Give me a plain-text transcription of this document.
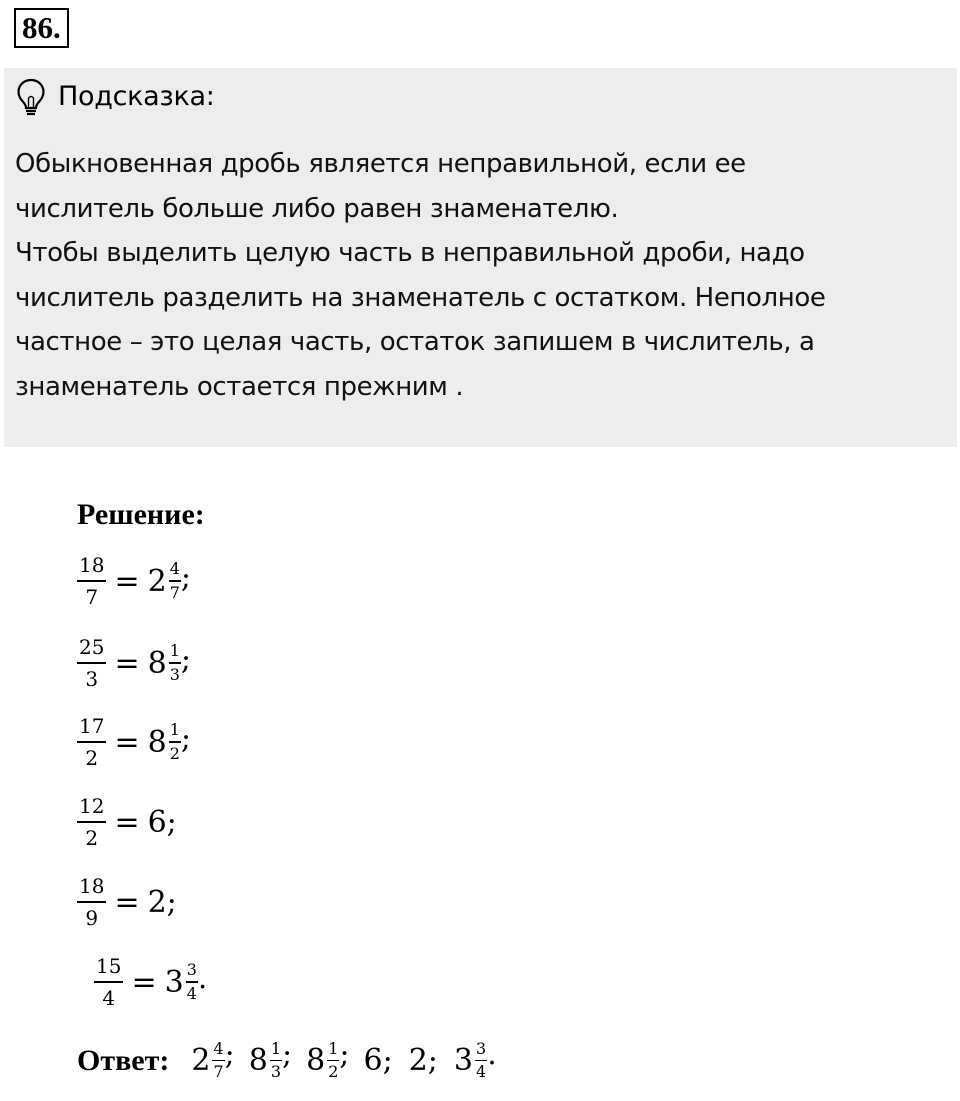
86.
Подсказка:
Обыкновенная дробь является неправильной, если ее
числитель больше либо равен знаменателю.
Чтобы выделить целую часть в неправильной дроби, надо
числитель разделить на знаменатель с остатком. Неполное
частное – это целая часть, остаток запишем в числитель, а
знаменатель остается прежним .
Решение:
$\frac{18}{7} = 2 \frac{4}{7}$ ;
$\frac{25}{3} = 8 \frac{1}{3}$ ;
$\frac{17}{2} = 8 \frac{1}{2}$ ;
$\frac{12}{2} = 6$;
$\frac{18}{9} = 2$;
$\frac{15}{4} = 3 \frac{3}{4}$ .
Ответ: $2 \frac{4}{7}$ ; $8 \frac{1}{3}$ ; $8 \frac{1}{2}$ ; 6; 2; $3 \frac{3}{4}$ .
